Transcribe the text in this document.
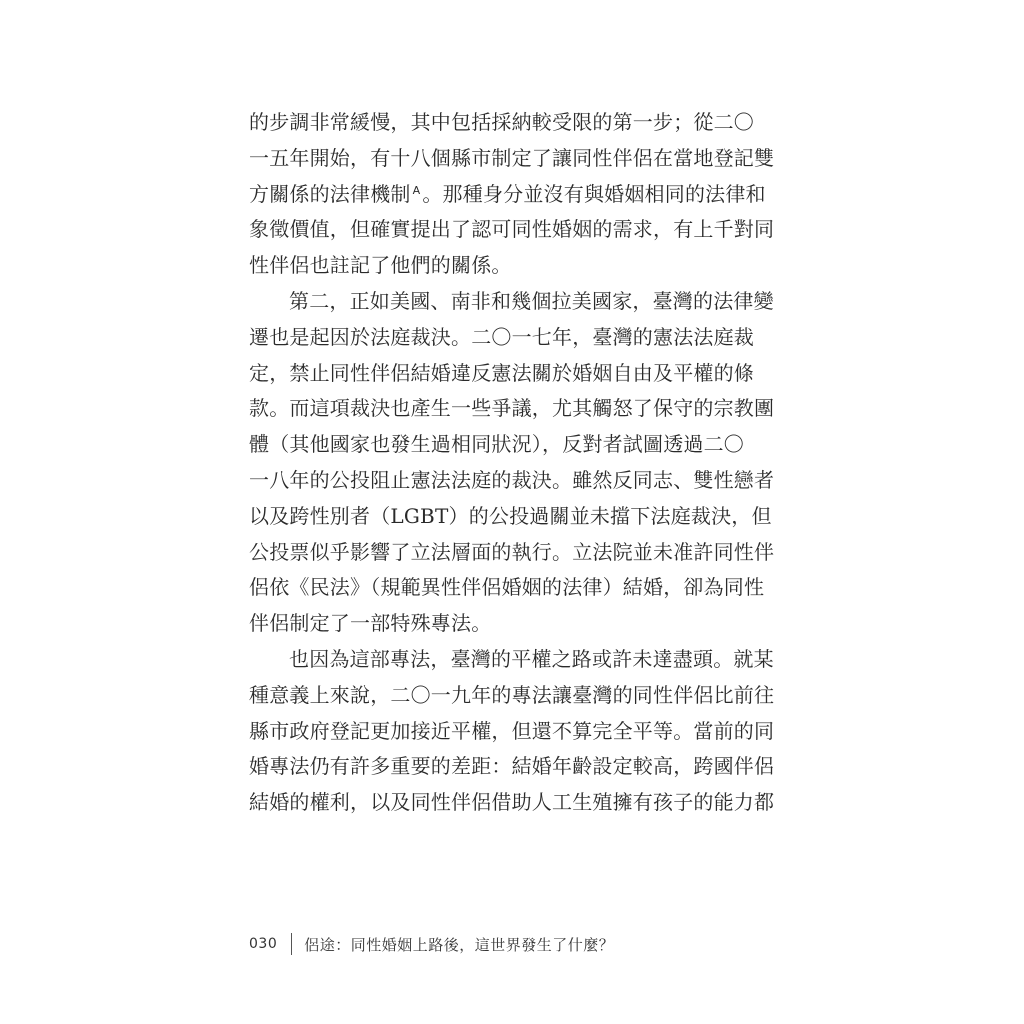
的步調非常緩慢，其中包括採納較受限的第一步；從二〇
一五年開始，有十八個縣市制定了讓同性伴侶在當地登記雙
方關係的法律機制 $^A$ 。那種身分並沒有與婚姻相同的法律和
象徵價值，但確實提出了認可同性婚姻的需求，有上千對同
性伴侶也註記了他們的關係。
第二，正如美國、南非和幾個拉美國家，臺灣的法律變
遷也是起因於法庭裁決。二〇一七年，臺灣的憲法法庭裁
定，禁止同性伴侶結婚違反憲法關於婚姻自由及平權的條
款。而這項裁決也產生一些爭議，尤其觸怒了保守的宗教團
體（其他國家也發生過相同狀況），反對者試圖透過二〇
一八年的公投阻止憲法法庭的裁決。雖然反同志、雙性戀者
以及跨性別者（LGBT）的公投過關並未擋下法庭裁決，但
公投票似乎影響了立法層面的執行。立法院並未准許同性伴
侶依《民法》（規範異性伴侶婚姻的法律）結婚，卻為同性
伴侶制定了一部特殊專法。
也因為這部專法，臺灣的平權之路或許未達盡頭。就某
種意義上來說，二〇一九年的專法讓臺灣的同性伴侶比前往
縣市政府登記更加接近平權，但還不算完全平等。當前的同
婚專法仍有許多重要的差距：結婚年齡設定較高，跨國伴侶
結婚的權利，以及同性伴侶借助人工生殖擁有孩子的能力都
030 侶途：同性婚姻上路後，這世界發生了什麼？
